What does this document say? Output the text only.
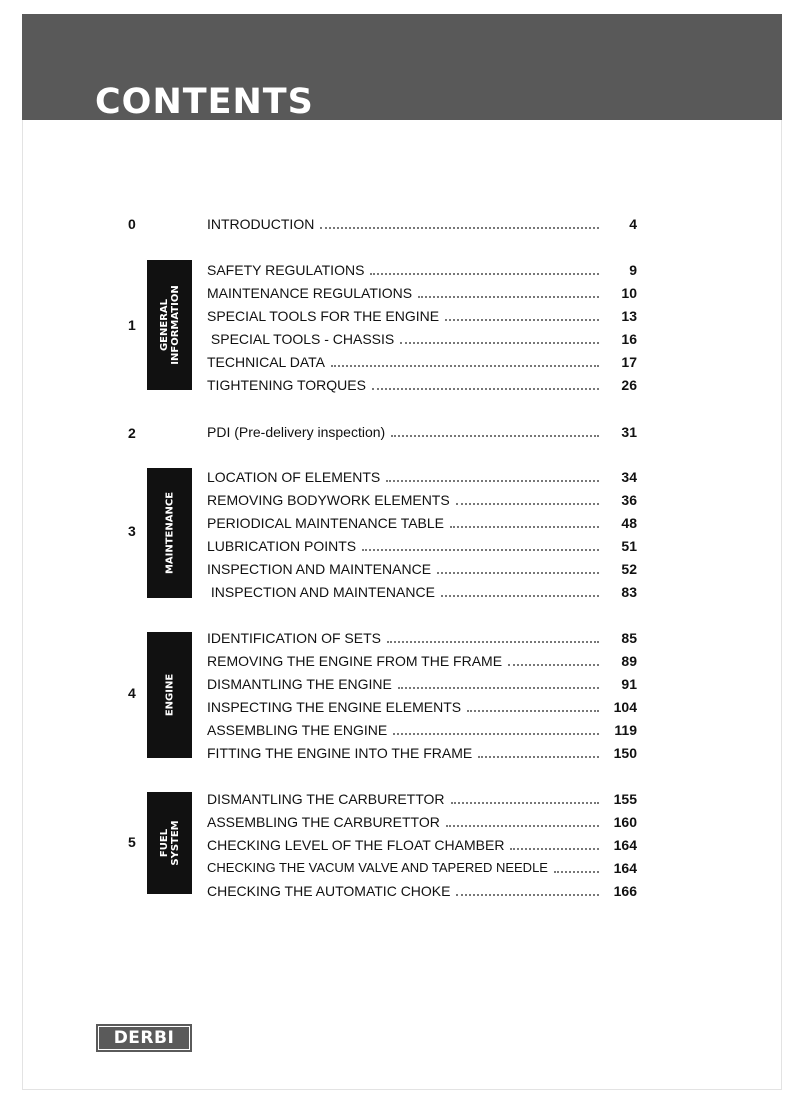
CONTENTS
0	INTRODUCTION	4
1 GENERAL
INFORMATION
SAFETY REGULATIONS	9
MAINTENANCE REGULATIONS	10
SPECIAL TOOLS FOR THE ENGINE	13
SPECIAL TOOLS - CHASSIS	16
TECHNICAL DATA	17
TIGHTENING TORQUES	26
2	PDI (Pre-delivery inspection)	31
3	MAINTENANCE
LOCATION OF ELEMENTS	34
REMOVING BODYWORK ELEMENTS	36
PERIODICAL MAINTENANCE TABLE	48
LUBRICATION POINTS	51
INSPECTION AND MAINTENANCE	52
INSPECTION AND MAINTENANCE	83
4	ENGINE
IDENTIFICATION OF SETS	85
REMOVING THE ENGINE FROM THE FRAME	89
DISMANTLING THE ENGINE	91
INSPECTING THE ENGINE ELEMENTS	104
ASSEMBLING THE ENGINE	119
FITTING THE ENGINE INTO THE FRAME	150
5 FUEL
SYSTEM
DISMANTLING THE CARBURETTOR	155
ASSEMBLING THE CARBURETTOR	160
CHECKING LEVEL OF THE FLOAT CHAMBER	164
CHECKING THE VACUM VALVE AND TAPERED NEEDLE	164
CHECKING THE AUTOMATIC CHOKE	166
DERBI
